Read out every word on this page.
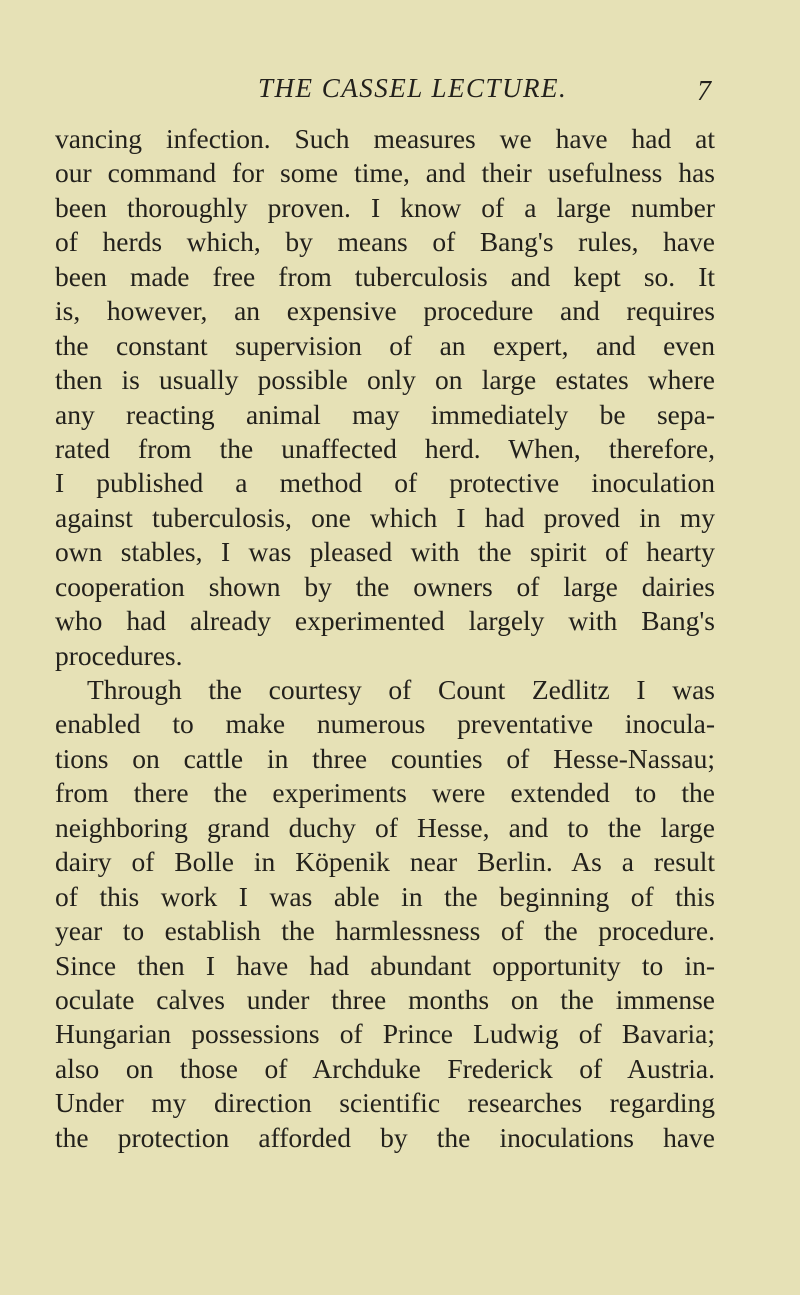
THE CASSEL LECTURE.	7
vancing infection. Such measures we have had at
our command for some time, and their usefulness has
been thoroughly proven. I know of a large number
of herds which, by means of Bang's rules, have
been made free from tuberculosis and kept so. It
is, however, an expensive procedure and requires
the constant supervision of an expert, and even
then is usually possible only on large estates where
any reacting animal may immediately be sepa-
rated from the unaffected herd. When, therefore,
I published a method of protective inoculation
against tuberculosis, one which I had proved in my
own stables, I was pleased with the spirit of hearty
cooperation shown by the owners of large dairies
who had already experimented largely with Bang's
procedures.
Through the courtesy of Count Zedlitz I was
enabled to make numerous preventative inocula-
tions on cattle in three counties of Hesse-Nassau;
from there the experiments were extended to the
neighboring grand duchy of Hesse, and to the large
dairy of Bolle in Köpenik near Berlin. As a result
of this work I was able in the beginning of this
year to establish the harmlessness of the procedure.
Since then I have had abundant opportunity to in-
oculate calves under three months on the immense
Hungarian possessions of Prince Ludwig of Bavaria;
also on those of Archduke Frederick of Austria.
Under my direction scientific researches regarding
the protection afforded by the inoculations have
